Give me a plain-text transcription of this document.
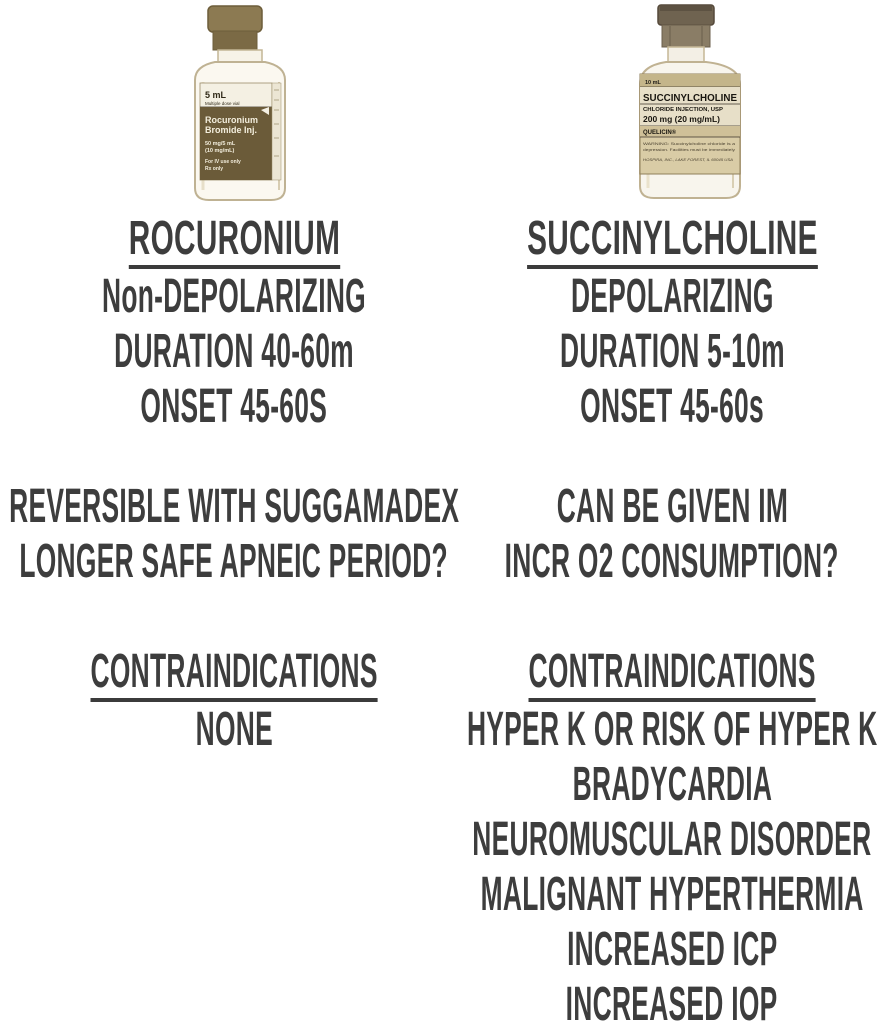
5 mL
Multiple dose vial
Rocuronium
Bromide Inj.
50 mg/5 mL
(10 mg/mL)
For IV use only
Rx only
10 mL
SUCCINYLCHOLINE
CHLORIDE INJECTION, USP
200 mg (20 mg/mL)
QUELICIN®
WARNING: Succinylcholine chloride is a
depression. Facilities must be immediately
HOSPIRA, INC., LAKE FOREST, IL 60045 USA
ROCURONIUM
Non-DEPOLARIZING
DURATION 40-60m
ONSET 45-60S
SUCCINYLCHOLINE
DEPOLARIZING
DURATION 5-10m
ONSET 45-60s
REVERSIBLE WITH SUGGAMADEX
LONGER SAFE APNEIC PERIOD?
CAN BE GIVEN IM
INCR O2 CONSUMPTION?
CONTRAINDICATIONS
NONE
CONTRAINDICATIONS
HYPER K OR RISK OF HYPER K
BRADYCARDIA
NEUROMUSCULAR DISORDER
MALIGNANT HYPERTHERMIA
INCREASED ICP
INCREASED IOP
